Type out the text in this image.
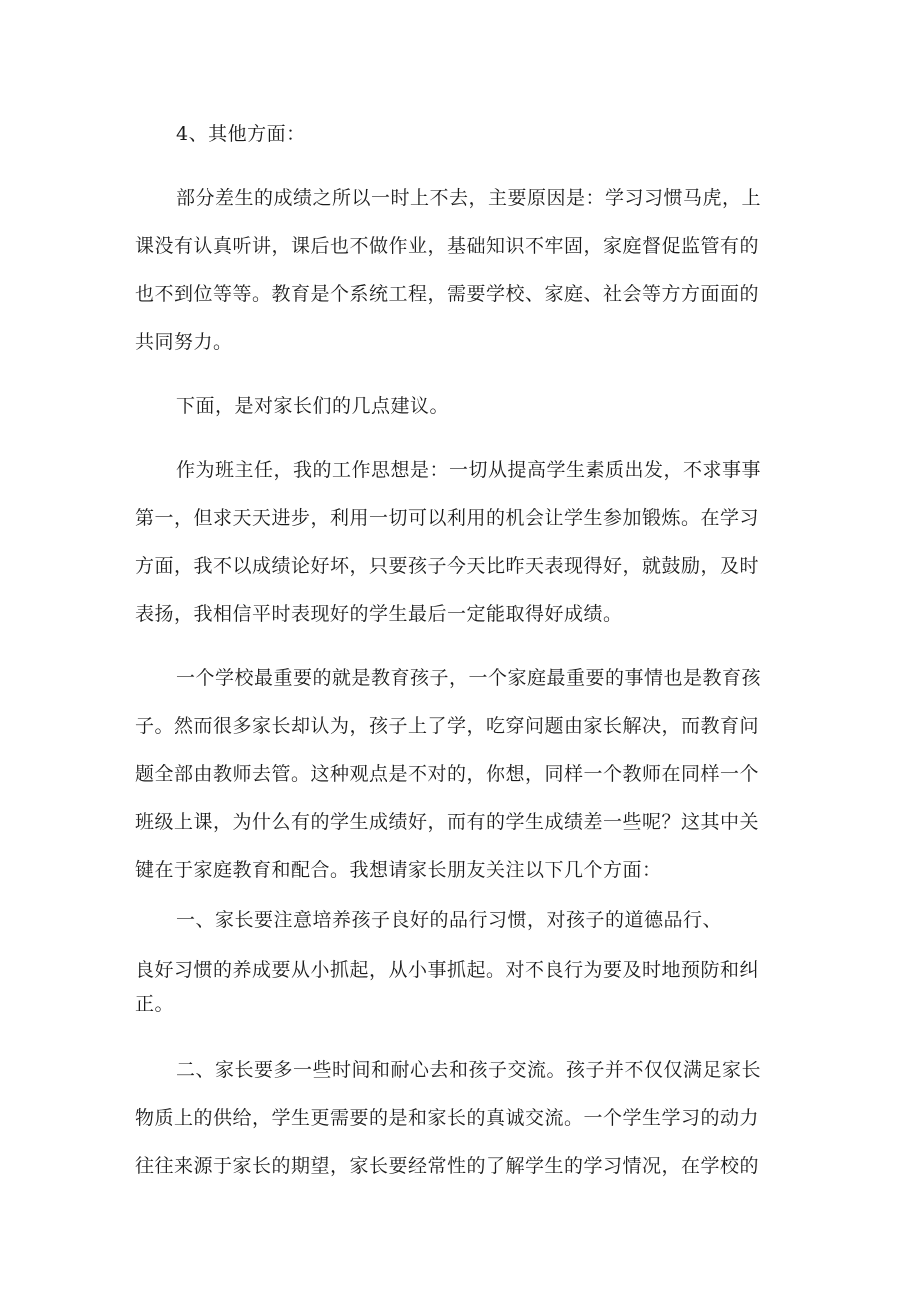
4、其他方面：
部分差生的成绩之所以一时上不去，主要原因是：学习习惯马虎，上
课没有认真听讲，课后也不做作业，基础知识不牢固，家庭督促监管有的
也不到位等等。教育是个系统工程，需要学校、家庭、社会等方方面面的
共同努力。
下面，是对家长们的几点建议。
作为班主任，我的工作思想是：一切从提高学生素质出发，不求事事
第一，但求天天进步，利用一切可以利用的机会让学生参加锻炼。在学习
方面，我不以成绩论好坏，只要孩子今天比昨天表现得好，就鼓励，及时
表扬，我相信平时表现好的学生最后一定能取得好成绩。
一个学校最重要的就是教育孩子，一个家庭最重要的事情也是教育孩
子。然而很多家长却认为，孩子上了学，吃穿问题由家长解决，而教育问
题全部由教师去管。这种观点是不对的，你想，同样一个教师在同样一个
班级上课，为什么有的学生成绩好，而有的学生成绩差一些呢？这其中关
键在于家庭教育和配合。我想请家长朋友关注以下几个方面：
一、家长要注意培养孩子良好的品行习惯，对孩子的道德品行、
良好习惯的养成要从小抓起，从小事抓起。对不良行为要及时地预防和纠
正。
二、家长要多一些时间和耐心去和孩子交流。孩子并不仅仅满足家长
物质上的供给，学生更需要的是和家长的真诚交流。一个学生学习的动力
往往来源于家长的期望，家长要经常性的了解学生的学习情况，在学校的
